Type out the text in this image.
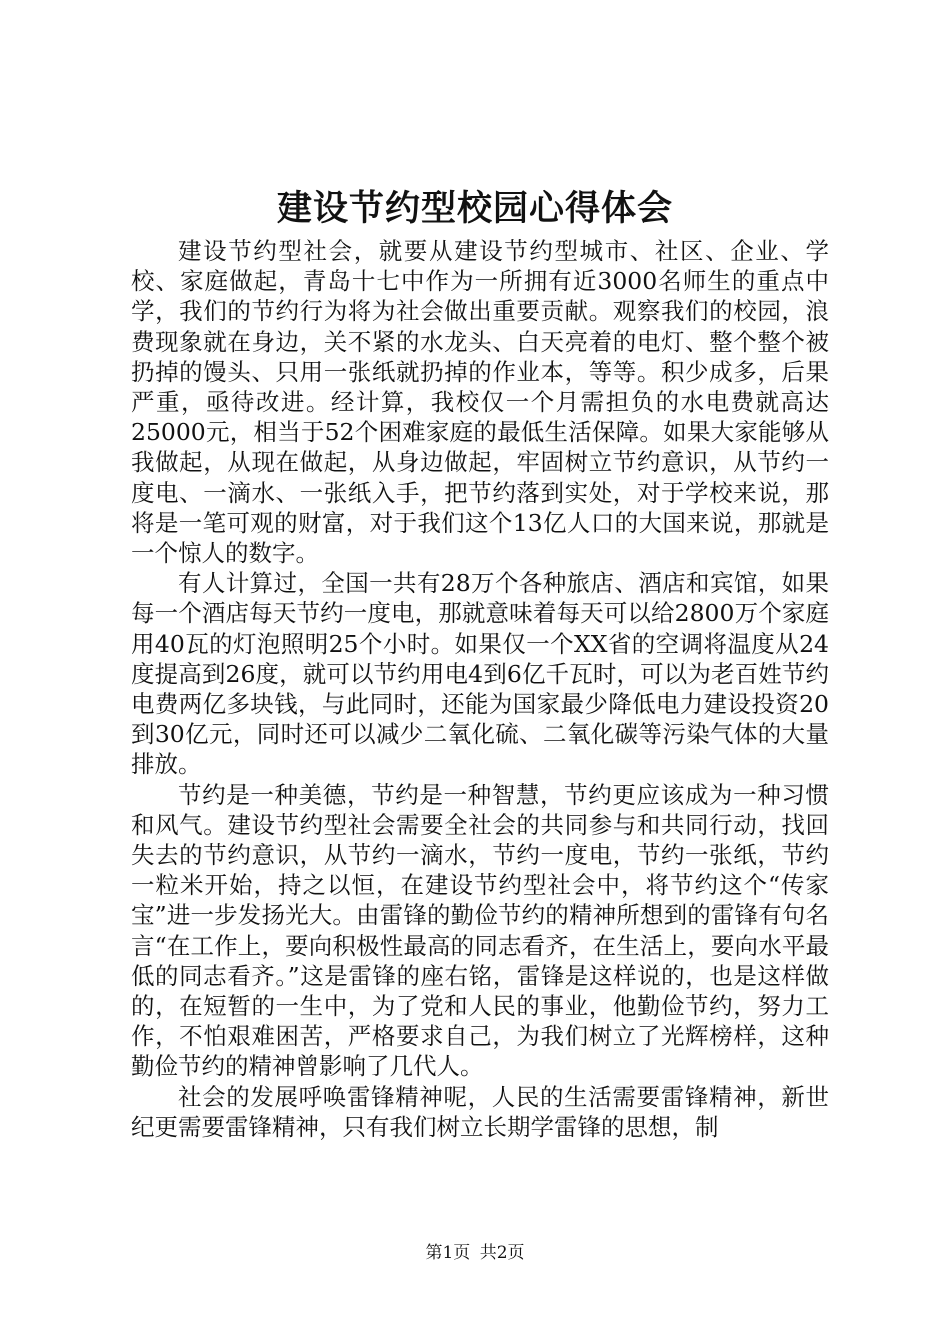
建设节约型校园心得体会

建设节约型社会，就要从建设节约型城市、社区、企业、学校、家庭做起，青岛十七中作为一所拥有近3000名师生的重点中学，我们的节约行为将为社会做出重要贡献。观察我们的校园，浪费现象就在身边，关不紧的水龙头、白天亮着的电灯、整个整个被扔掉的馒头、只用一张纸就扔掉的作业本，等等。积少成多，后果严重，亟待改进。经计算，我校仅一个月需担负的水电费就高达25000元，相当于52个困难家庭的最低生活保障。如果大家能够从我做起，从现在做起，从身边做起，牢固树立节约意识，从节约一度电、一滴水、一张纸入手，把节约落到实处，对于学校来说，那将是一笔可观的财富，对于我们这个13亿人口的大国来说，那就是一个惊人的数字。

有人计算过，全国一共有28万个各种旅店、酒店和宾馆，如果每一个酒店每天节约一度电，那就意味着每天可以给2800万个家庭用40瓦的灯泡照明25个小时。如果仅一个XX省的空调将温度从24度提高到26度，就可以节约用电4到6亿千瓦时，可以为老百姓节约电费两亿多块钱，与此同时，还能为国家最少降低电力建设投资20到30亿元，同时还可以减少二氧化硫、二氧化碳等污染气体的大量排放。

节约是一种美德，节约是一种智慧，节约更应该成为一种习惯和风气。建设节约型社会需要全社会的共同参与和共同行动，找回失去的节约意识，从节约一滴水，节约一度电，节约一张纸，节约一粒米开始，持之以恒，在建设节约型社会中，将节约这个“传家宝”进一步发扬光大。由雷锋的勤俭节约的精神所想到的雷锋有句名言“在工作上，要向积极性最高的同志看齐，在生活上，要向水平最低的同志看齐。”这是雷锋的座右铭，雷锋是这样说的，也是这样做的，在短暂的一生中，为了党和人民的事业，他勤俭节约，努力工作，不怕艰难困苦，严格要求自己，为我们树立了光辉榜样，这种勤俭节约的精神曾影响了几代人。

社会的发展呼唤雷锋精神呢，人民的生活需要雷锋精神，新世纪更需要雷锋精神，只有我们树立长期学雷锋的思想，制

第1页 共2页
